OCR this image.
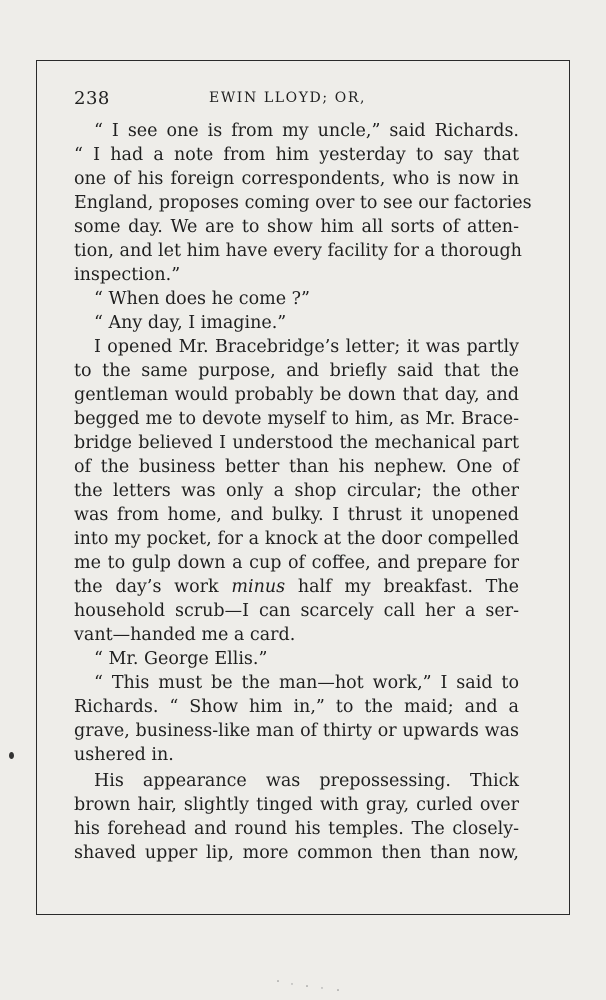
238	EWIN LLOYD; OR,
“ I see one is from my uncle,” said Richards.
“ I had a note from him yesterday to say that
one of his foreign correspondents, who is now in
England, proposes coming over to see our factories
some day. We are to show him all sorts of atten-
tion, and let him have every facility for a thorough
inspection.”
“ When does he come ?”
“ Any day, I imagine.”
I opened Mr. Bracebridge’s letter; it was partly
to the same purpose, and briefly said that the
gentleman would probably be down that day, and
begged me to devote myself to him, as Mr. Brace-
bridge believed I understood the mechanical part
of the business better than his nephew. One of
the letters was only a shop circular; the other
was from home, and bulky. I thrust it unopened
into my pocket, for a knock at the door compelled
me to gulp down a cup of coffee, and prepare for
the day’s work minus half my breakfast. The
household scrub—I can scarcely call her a ser-
vant—handed me a card.
“ Mr. George Ellis.”
“ This must be the man—hot work,” I said to
Richards. “ Show him in,” to the maid; and a
grave, business-like man of thirty or upwards was
ushered in.
His appearance was prepossessing. Thick
brown hair, slightly tinged with gray, curled over
his forehead and round his temples. The closely-
shaved upper lip, more common then than now,
